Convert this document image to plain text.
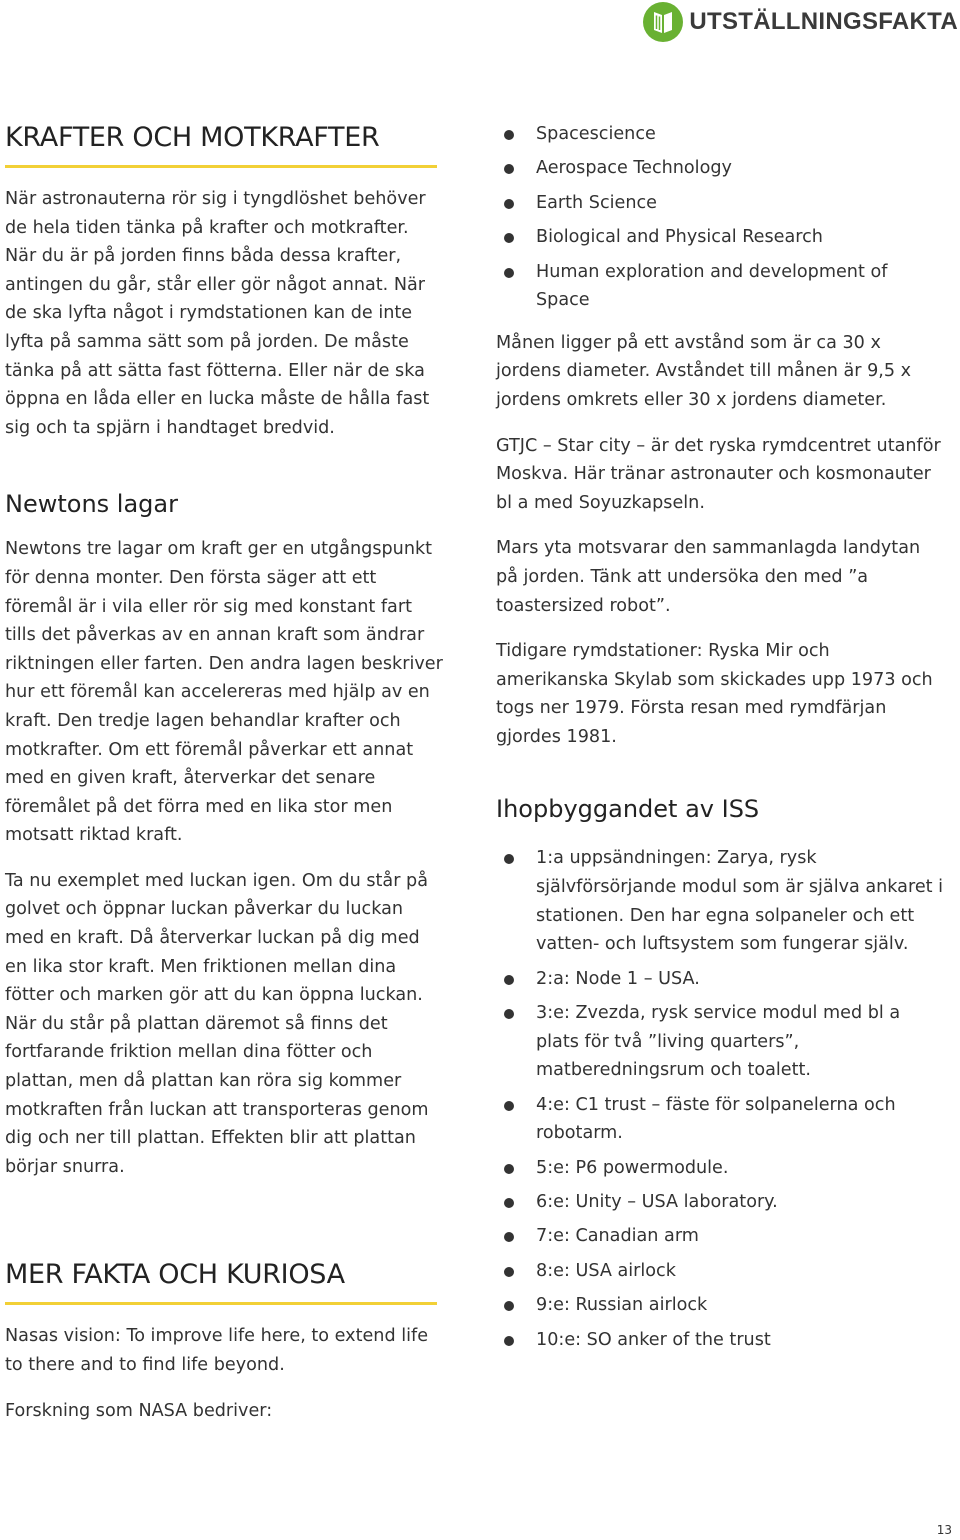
UTSTÄLLNINGSFAKTA
KRAFTER OCH MOTKRAFTER

När astronauterna rör sig i tyngdlöshet behöver de hela tiden tänka på krafter och motkrafter. När du är på jorden finns båda dessa krafter, antingen du går, står eller gör något annat. När de ska lyfta något i rymdstationen kan de inte lyfta på samma sätt som på jorden. De måste tänka på att sätta fast fötterna. Eller när de ska öppna en låda eller en lucka måste de hålla fast sig och ta spjärn i handtaget bredvid.

Newtons lagar

Newtons tre lagar om kraft ger en utgångspunkt för denna monter. Den första säger att ett föremål är i vila eller rör sig med konstant fart tills det påverkas av en annan kraft som ändrar riktningen eller farten. Den andra lagen beskriver hur ett föremål kan accelereras med hjälp av en kraft. Den tredje lagen behandlar krafter och motkrafter. Om ett föremål påverkar ett annat med en given kraft, återverkar det senare föremålet på det förra med en lika stor men motsatt riktad kraft.

Ta nu exemplet med luckan igen. Om du står på golvet och öppnar luckan påverkar du luckan med en kraft. Då återverkar luckan på dig med en lika stor kraft. Men friktionen mellan dina fötter och marken gör att du kan öppna luckan. När du står på plattan däremot så finns det fortfarande friktion mellan dina fötter och plattan, men då plattan kan röra sig kommer motkraften från luckan att transporteras genom dig och ner till plattan. Effekten blir att plattan börjar snurra.

MER FAKTA OCH KURIOSA

Nasas vision: To improve life here, to extend life to there and to find life beyond.

Forskning som NASA bedriver:

Spacescience
Aerospace Technology
Earth Science
Biological and Physical Research
Human exploration and development of Space

Månen ligger på ett avstånd som är ca 30 x jordens diameter. Avståndet till månen är 9,5 x jordens omkrets eller 30 x jordens diameter.

GTJC – Star city – är det ryska rymdcentret utanför Moskva. Här tränar astronauter och kosmonauter bl a med Soyuzkapseln.

Mars yta motsvarar den sammanlagda landytan på jorden. Tänk att undersöka den med ”a toastersized robot”.

Tidigare rymdstationer: Ryska Mir och amerikanska Skylab som skickades upp 1973 och togs ner 1979. Första resan med rymdfärjan gjordes 1981.

Ihopbyggandet av ISS
1:a uppsändningen: Zarya, rysk självförsörjande modul som är själva ankaret i stationen. Den har egna solpaneler och ett vatten- och luftsystem som fungerar själv.
2:a: Node 1 – USA.
3:e: Zvezda, rysk service modul med bl a plats för två ”living quarters”, matberedningsrum och toalett.
4:e: C1 trust – fäste för solpanelerna och robotarm.
5:e: P6 powermodule.
6:e: Unity – USA laboratory.
7:e: Canadian arm
8:e: USA airlock
9:e: Russian airlock
10:e: SO anker of the trust
13
